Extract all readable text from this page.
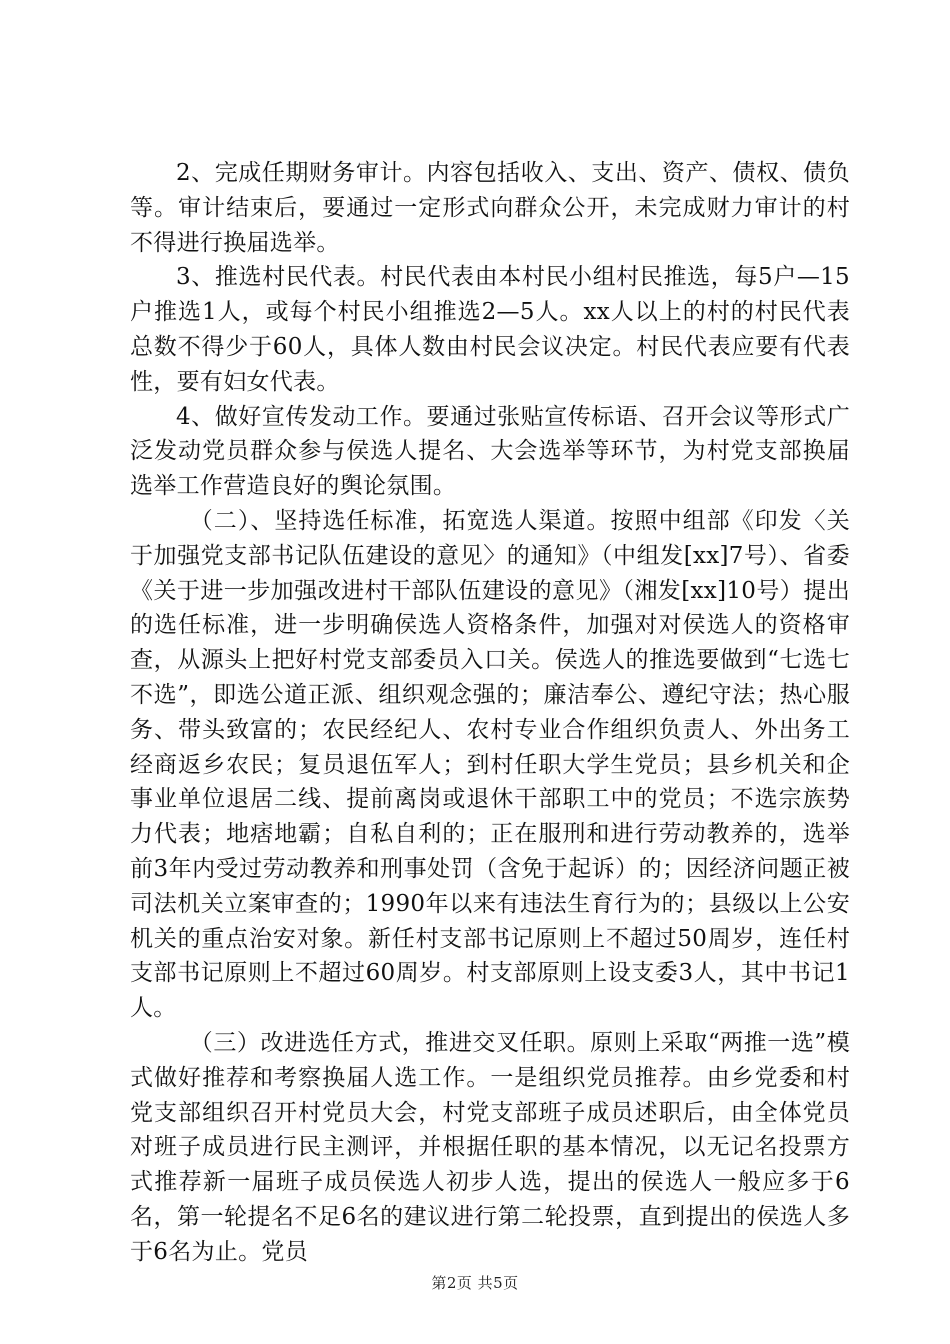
2、完成任期财务审计。内容包括收入、支出、资产、债权、债负等。审计结束后，要通过一定形式向群众公开，未完成财力审计的村不得进行换届选举。

3、推选村民代表。村民代表由本村民小组村民推选，每5户—15户推选1人，或每个村民小组推选2—5人。xx人以上的村的村民代表总数不得少于60人，具体人数由村民会议决定。村民代表应要有代表性，要有妇女代表。

4、做好宣传发动工作。要通过张贴宣传标语、召开会议等形式广泛发动党员群众参与侯选人提名、大会选举等环节，为村党支部换届选举工作营造良好的舆论氛围。

（二）、坚持选任标准，拓宽选人渠道。按照中组部《印发〈关于加强党支部书记队伍建设的意见〉的通知》（中组发[xx]7号）、省委《关于进一步加强改进村干部队伍建设的意见》（湘发[xx]10号）提出的选任标准，进一步明确侯选人资格条件，加强对对侯选人的资格审查，从源头上把好村党支部委员入口关。侯选人的推选要做到“七选七不选”，即选公道正派、组织观念强的；廉洁奉公、遵纪守法；热心服务、带头致富的；农民经纪人、农村专业合作组织负责人、外出务工经商返乡农民；复员退伍军人；到村任职大学生党员；县乡机关和企事业单位退居二线、提前离岗或退休干部职工中的党员；不选宗族势力代表；地痞地霸；自私自利的；正在服刑和进行劳动教养的，选举前3年内受过劳动教养和刑事处罚（含免于起诉）的；因经济问题正被司法机关立案审查的；1990年以来有违法生育行为的；县级以上公安机关的重点治安对象。新任村支部书记原则上不超过50周岁，连任村支部书记原则上不超过60周岁。村支部原则上设支委3人，其中书记1人。

（三）改进选任方式，推进交叉任职。原则上采取“两推一选”模式做好推荐和考察换届人选工作。一是组织党员推荐。由乡党委和村党支部组织召开村党员大会，村党支部班子成员述职后，由全体党员对班子成员进行民主测评，并根据任职的基本情况，以无记名投票方式推荐新一届班子成员侯选人初步人选，提出的侯选人一般应多于6名，第一轮提名不足6名的建议进行第二轮投票，直到提出的侯选人多于6名为止。党员

第2页 共5页
